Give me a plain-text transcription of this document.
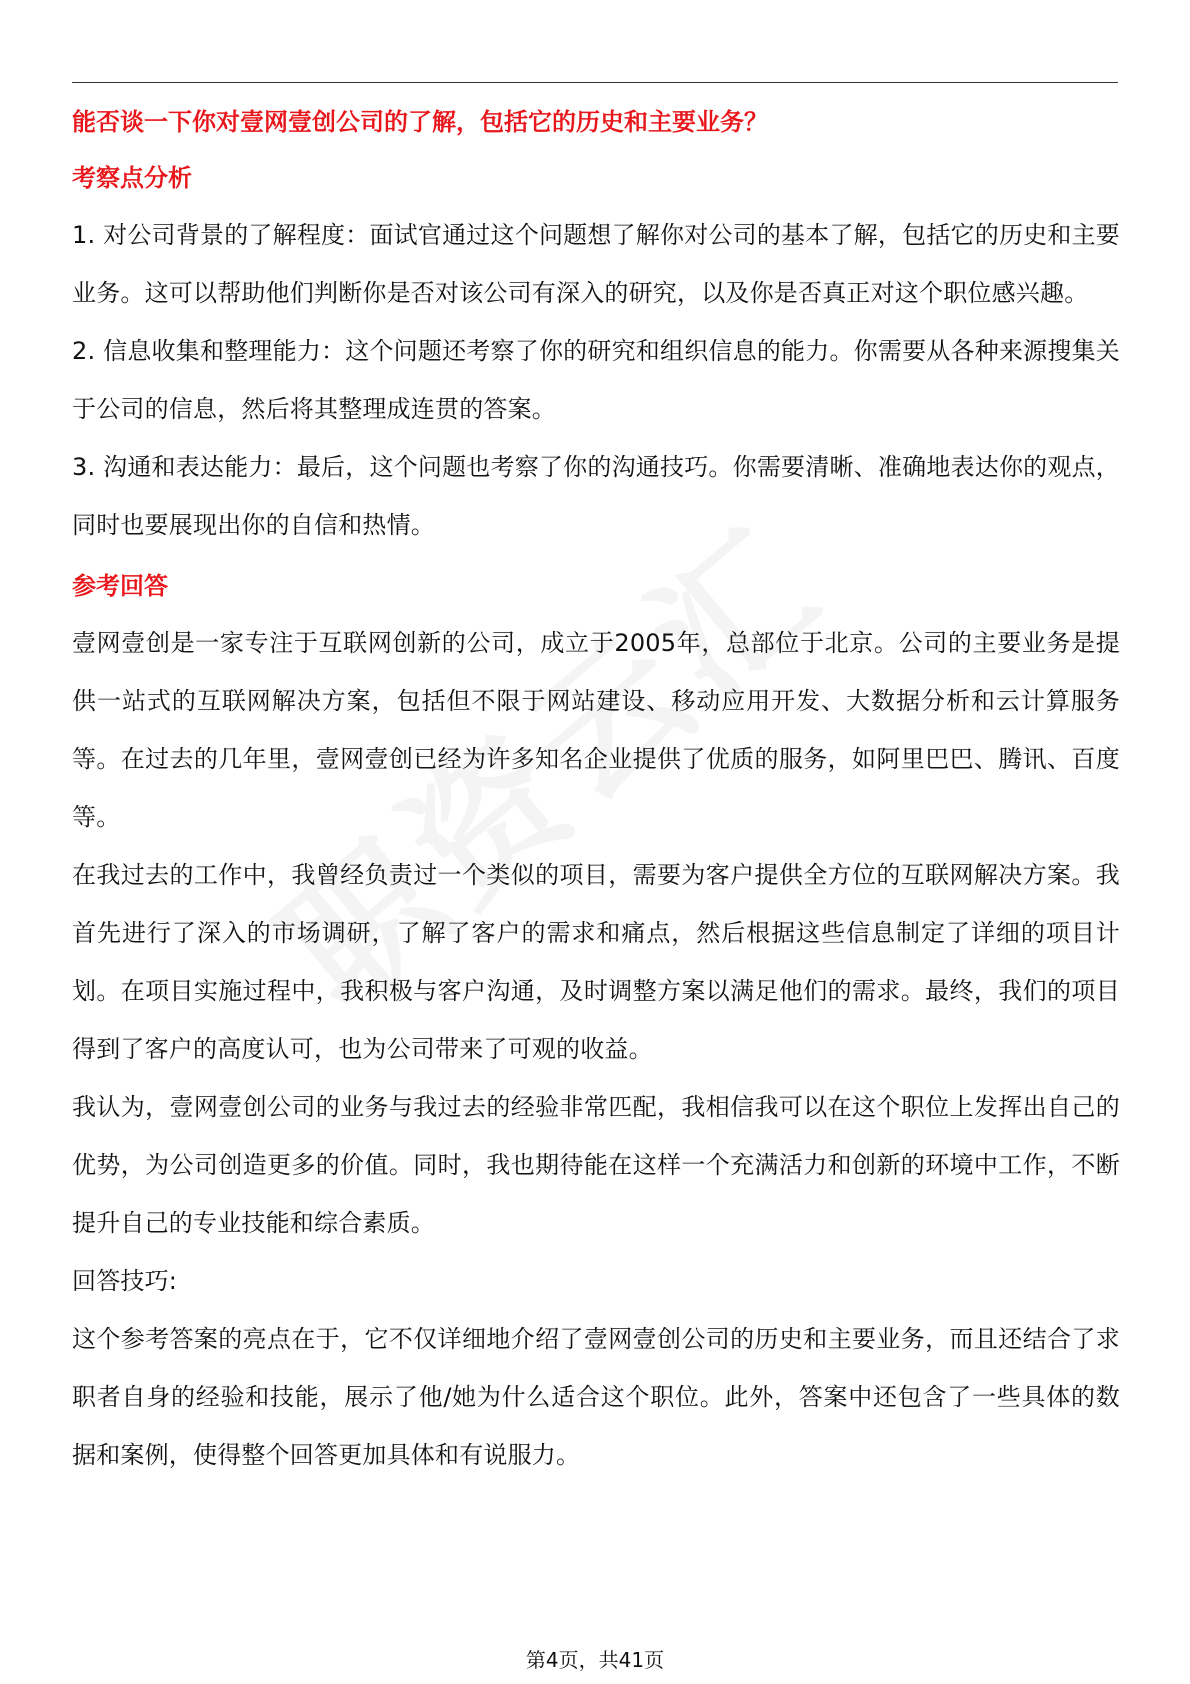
能否谈一下你对壹网壹创公司的了解，包括它的历史和主要业务？

考察点分析

1. 对公司背景的了解程度：面试官通过这个问题想了解你对公司的基本了解，包括它的历史和主要业务。这可以帮助他们判断你是否对该公司有深入的研究，以及你是否真正对这个职位感兴趣。

2. 信息收集和整理能力：这个问题还考察了你的研究和组织信息的能力。你需要从各种来源搜集关于公司的信息，然后将其整理成连贯的答案。

3. 沟通和表达能力：最后，这个问题也考察了你的沟通技巧。你需要清晰、准确地表达你的观点，同时也要展现出你的自信和热情。

参考回答

壹网壹创是一家专注于互联网创新的公司，成立于2005年，总部位于北京。公司的主要业务是提供一站式的互联网解决方案，包括但不限于网站建设、移动应用开发、大数据分析和云计算服务等。在过去的几年里，壹网壹创已经为许多知名企业提供了优质的服务，如阿里巴巴、腾讯、百度等。

在我过去的工作中，我曾经负责过一个类似的项目，需要为客户提供全方位的互联网解决方案。我首先进行了深入的市场调研，了解了客户的需求和痛点，然后根据这些信息制定了详细的项目计划。在项目实施过程中，我积极与客户沟通，及时调整方案以满足他们的需求。最终，我们的项目得到了客户的高度认可，也为公司带来了可观的收益。

我认为，壹网壹创公司的业务与我过去的经验非常匹配，我相信我可以在这个职位上发挥出自己的优势，为公司创造更多的价值。同时，我也期待能在这样一个充满活力和创新的环境中工作，不断提升自己的专业技能和综合素质。

回答技巧:

这个参考答案的亮点在于，它不仅详细地介绍了壹网壹创公司的历史和主要业务，而且还结合了求职者自身的经验和技能，展示了他/她为什么适合这个职位。此外，答案中还包含了一些具体的数据和案例，使得整个回答更加具体和有说服力。

第4页，共41页
